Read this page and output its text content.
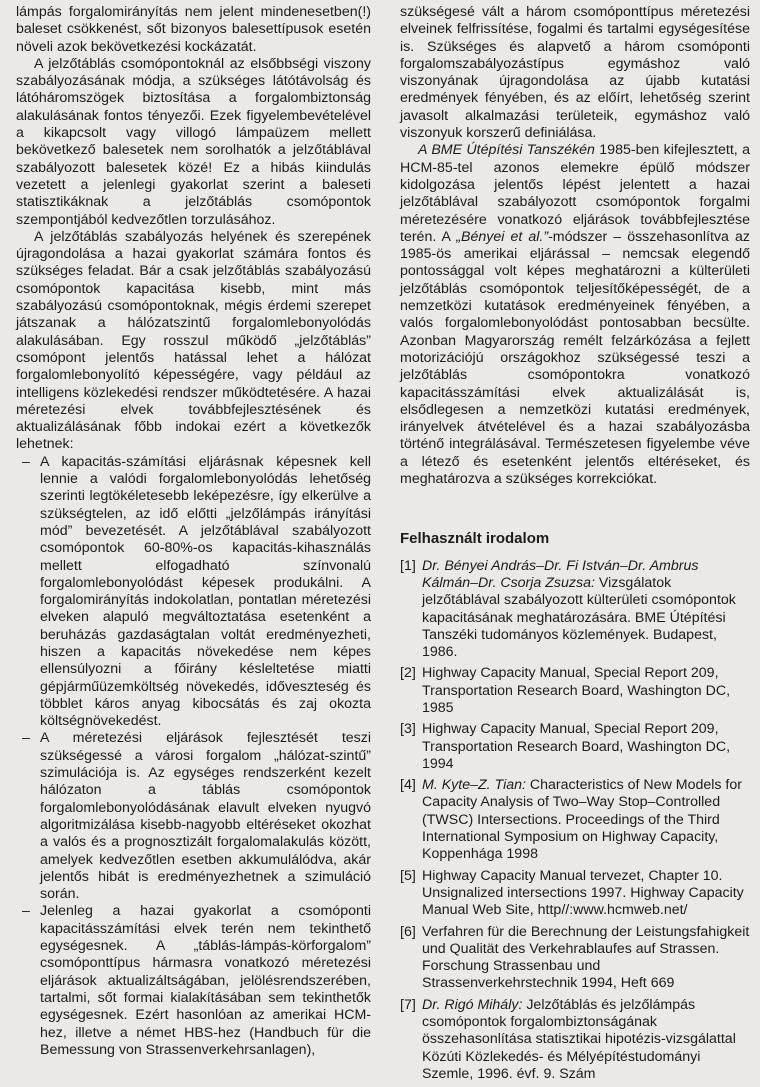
lámpás forgalomirányítás nem jelent mindenesetben(!) baleset csökkenést, sőt bizonyos balesettípusok esetén növeli azok bekövetkezési kockázatát.

A jelzőtáblás csomópontoknál az elsőbbségi viszony szabályozásának módja, a szükséges látótávolság és látóháromszögek biztosítása a forgalombiztonság alakulásának fontos tényezői. Ezek figyelembevételével a kikapcsolt vagy villogó lámpaüzem mellett bekövetkező balesetek nem sorolhatók a jelzőtáblával szabályozott balesetek közé! Ez a hibás kiindulás vezetett a jelenlegi gyakorlat szerint a baleseti statisztikáknak a jelzőtáblás csomópontok szempontjából kedvezőtlen torzulásához.

A jelzőtáblás szabályozás helyének és szerepének újragondolása a hazai gyakorlat számára fontos és szükséges feladat. Bár a csak jelzőtáblás szabályozású csomópontok kapacitása kisebb, mint más szabályozású csomópontoknak, mégis érdemi szerepet játszanak a hálózatszintű forgalomlebonyolódás alakulásában. Egy rosszul működő „jelzőtáblás” csomópont jelentős hatással lehet a hálózat forgalomlebonyolító képességére, vagy például az intelligens közlekedési rendszer működtetésére. A hazai méretezési elvek továbbfejlesztésének és aktualizálásának főbb indokai ezért a következők lehetnek:

– A kapacitás-számítási eljárásnak képesnek kell lennie a valódi forgalomlebonyolódás lehetőség szerinti legtökéletesebb leképezésre, így elkerülve a szükségtelen, az idő előtti „jelzőlámpás irányítási mód” bevezetését. A jelzőtáblával szabályozott csomópontok 60-80%-os kapacitás-kihasználás mellett elfogadható színvonalú forgalomlebonyolódást képesek produkálni. A forgalomirányítás indokolatlan, pontatlan méretezési elveken alapuló megváltoztatása esetenként a beruházás gazdaságtalan voltát eredményezheti, hiszen a kapacitás növekedése nem képes ellensúlyozni a főirány késleltetése miatti gépjárműüzemköltség növekedés, időveszteség és többlet káros anyag kibocsátás és zaj okozta költségnövekedést.
– A méretezési eljárások fejlesztését teszi szükségessé a városi forgalom „hálózat-szintű” szimulációja is. Az egységes rendszerként kezelt hálózaton a táblás csomópontok forgalomlebonyolódásának elavult elveken nyugvó algoritmizálása kisebb-nagyobb eltéréseket okozhat a valós és a prognosztizált forgalomalakulás között, amelyek kedvezőtlen esetben akkumulálódva, akár jelentős hibát is eredményezhetnek a szimuláció során.
– Jelenleg a hazai gyakorlat a csomóponti kapacitásszámítási elvek terén nem tekinthető egységesnek. A „táblás-lámpás-körforgalom” csomóponttípus hármasra vonatkozó méretezési eljárások aktualizáltságában, jelölésrendszerében, tartalmi, sőt formai kialakításában sem tekinthetők egységesnek. Ezért hasonlóan az amerikai HCM-hez, illetve a német HBS-hez (Handbuch für die Bemessung von Strassenverkehrsanlagen),

szükségesé vált a három csomóponttípus méretezési elveinek felfrissítése, fogalmi és tartalmi egységesítése is. Szükséges és alapvető a három csomóponti forgalomszabályozástípus egymáshoz való viszonyának újragondolása az újabb kutatási eredmények fényében, és az előírt, lehetőség szerint javasolt alkalmazási területeik, egymáshoz való viszonyuk korszerű definiálása.

A BME Útépítési Tanszékén 1985-ben kifejlesztett, a HCM-85-tel azonos elemekre épülő módszer kidolgozása jelentős lépést jelentett a hazai jelzőtáblával szabályozott csomópontok forgalmi méretezésére vonatkozó eljárások továbbfejlesztése terén. A „Bényei et al.”-módszer – összehasonlítva az 1985-ös amerikai eljárással – nemcsak elegendő pontossággal volt képes meghatározni a külterületi jelzőtáblás csomópontok teljesítőképességét, de a nemzetközi kutatások eredményeinek fényében, a valós forgalomlebonyolódást pontosabban becsülte. Azonban Magyarország remélt felzárkózása a fejlett motorizációjú országokhoz szükségessé teszi a jelzőtáblás csomópontokra vonatkozó kapacitásszámítási elvek aktualizálását is, elsődlegesen a nemzetközi kutatási eredmények, irányelvek átvételével és a hazai szabályozásba történő integrálásával. Természetesen figyelembe véve a létező és esetenként jelentős eltéréseket, és meghatározva a szükséges korrekciókat.

Felhasznált irodalom
[1] Dr. Bényei András–Dr. Fi István–Dr. Ambrus Kálmán–Dr. Csorja Zsuzsa: Vizsgálatok jelzőtáblával szabályozott külterületi csomópontok kapacitásának meghatározására. BME Útépítési Tanszéki tudományos közlemények. Budapest, 1986.
[2] Highway Capacity Manual, Special Report 209, Transportation Research Board, Washington DC, 1985
[3] Highway Capacity Manual, Special Report 209, Transportation Research Board, Washington DC, 1994
[4] M. Kyte–Z. Tian: Characteristics of New Models for Capacity Analysis of Two–Way Stop–Controlled (TWSC) Intersections. Proceedings of the Third International Symposium on Highway Capacity, Koppenhága 1998
[5] Highway Capacity Manual tervezet, Chapter 10. Unsignalized intersections 1997. Highway Capacity Manual Web Site, http//:www.hcmweb.net/
[6] Verfahren für die Berechnung der Leistungsfahigkeit und Qualität des Verkehrablaufes auf Strassen. Forschung Strassenbau und Strassenverkehrstechnik 1994, Heft 669
[7] Dr. Rigó Mihály: Jelzőtáblás és jelzőlámpás csomópontok forgalombiztonságának összehasonlítása statisztikai hipotézis-vizsgálattal Közúti Közlekedés- és Mélyépítéstudományi Szemle, 1996. évf. 9. Szám
